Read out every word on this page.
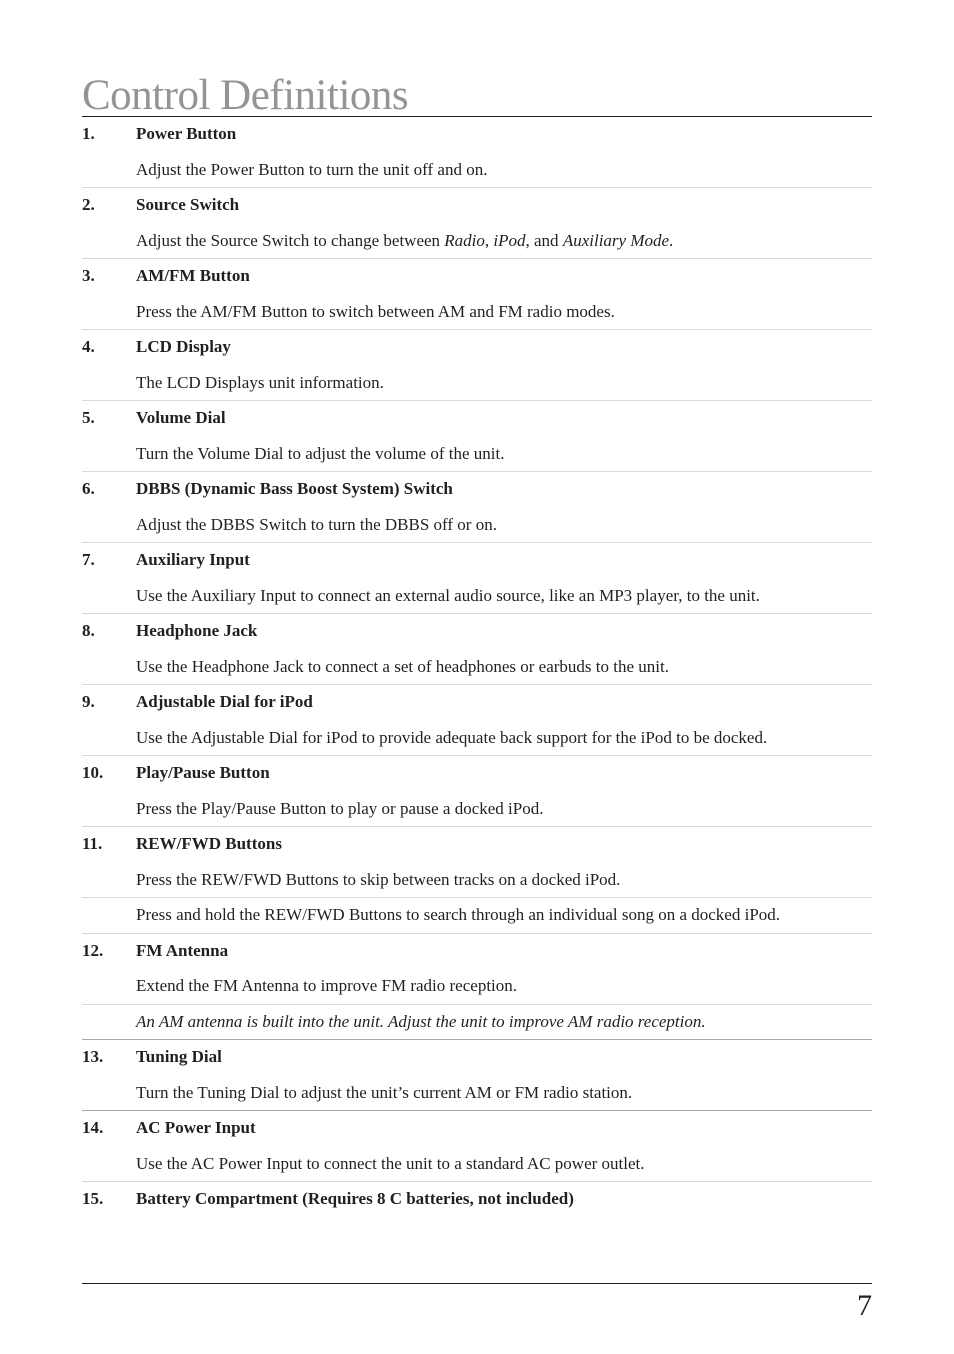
Control Definitions
1. Power Button
Adjust the Power Button to turn the unit off and on.
2. Source Switch
Adjust the Source Switch to change between Radio, iPod, and Auxiliary Mode.
3. AM/FM Button
Press the AM/FM Button to switch between AM and FM radio modes.
4. LCD Display
The LCD Displays unit information.
5. Volume Dial
Turn the Volume Dial to adjust the volume of the unit.
6. DBBS (Dynamic Bass Boost System) Switch
Adjust the DBBS Switch to turn the DBBS off or on.
7. Auxiliary Input
Use the Auxiliary Input to connect an external audio source, like an MP3 player, to the unit.
8. Headphone Jack
Use the Headphone Jack to connect a set of headphones or earbuds to the unit.
9. Adjustable Dial for iPod
Use the Adjustable Dial for iPod to provide adequate back support for the iPod to be docked.
10. Play/Pause Button
Press the Play/Pause Button to play or pause a docked iPod.
11. REW/FWD Buttons
Press the REW/FWD Buttons to skip between tracks on a docked iPod.
Press and hold the REW/FWD Buttons to search through an individual song on a docked iPod.
12. FM Antenna
Extend the FM Antenna to improve FM radio reception.
An AM antenna is built into the unit. Adjust the unit to improve AM radio reception.
13. Tuning Dial
Turn the Tuning Dial to adjust the unit’s current AM or FM radio station.
14. AC Power Input
Use the AC Power Input to connect the unit to a standard AC power outlet.
15. Battery Compartment (Requires 8 C batteries, not included)
7
